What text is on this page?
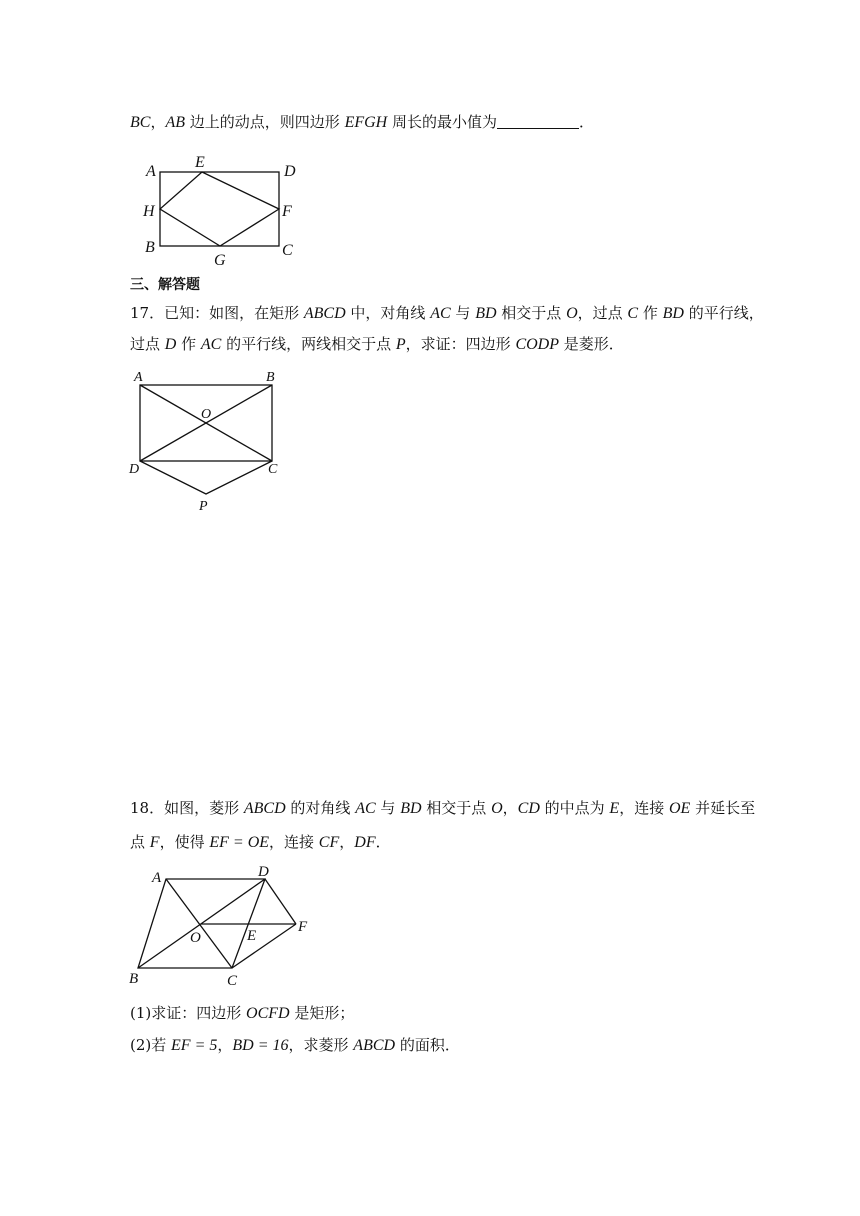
BC，AB 边上的动点，则四边形 EFGH 周长的最小值为	．
A
E
D
H	F
B
G
C
三、解答题
17．已知：如图，在矩形 ABCD 中，对角线 AC 与 BD 相交于点 O，过点 C 作 BD 的平行线，
过点 D 作 AC 的平行线，两线相交于点 P，求证：四边形 CODP 是菱形．
A	B
O
D	C
P
18．如图，菱形 ABCD 的对角线 AC 与 BD 相交于点 O，CD 的中点为 E，连接 OE 并延长至
点 F，使得 EF = OE，连接 CF，DF．
A	D
O	E
F
B	C
(1)求证：四边形 OCFD 是矩形；
(2)若 EF = 5，BD = 16，求菱形 ABCD 的面积．
